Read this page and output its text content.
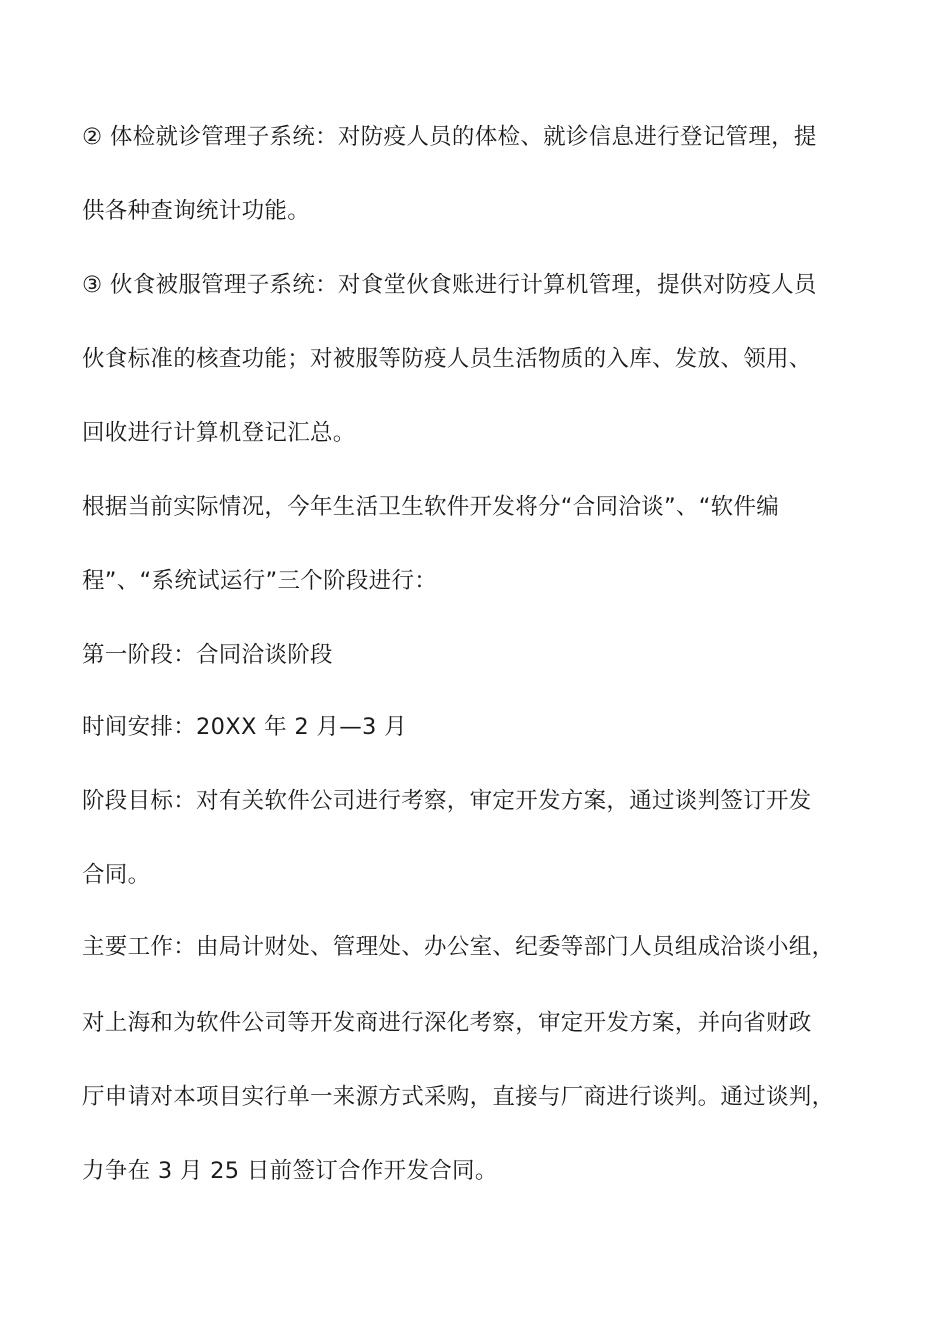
② 体检就诊管理子系统：对防疫人员的体检、就诊信息进行登记管理，提
供各种查询统计功能。
③ 伙食被服管理子系统：对食堂伙食账进行计算机管理，提供对防疫人员
伙食标准的核查功能；对被服等防疫人员生活物质的入库、发放、领用、
回收进行计算机登记汇总。
根据当前实际情况，今年生活卫生软件开发将分“合同洽谈”、“软件编
程”、“系统试运行”三个阶段进行：
第一阶段：合同洽谈阶段
时间安排：20XX 年 2 月—3 月
阶段目标：对有关软件公司进行考察，审定开发方案，通过谈判签订开发
合同。
主要工作：由局计财处、管理处、办公室、纪委等部门人员组成洽谈小组，
对上海和为软件公司等开发商进行深化考察，审定开发方案，并向省财政
厅申请对本项目实行单一来源方式采购，直接与厂商进行谈判。通过谈判，
力争在 3 月 25 日前签订合作开发合同。
